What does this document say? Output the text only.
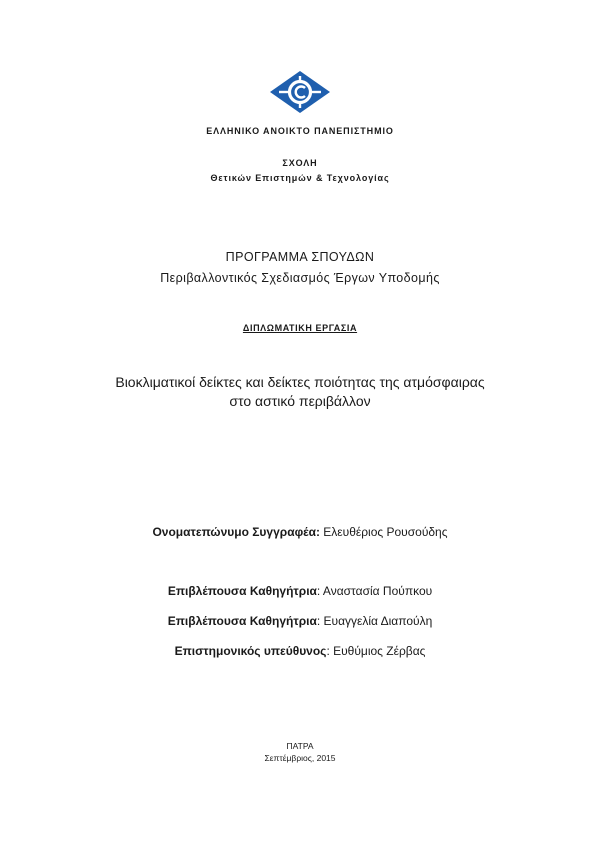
ΕΛΛΗΝΙΚΟ ΑΝΟΙΚΤΟ ΠΑΝΕΠΙΣΤΗΜΙΟ
ΣΧΟΛΗ
Θετικών Επιστημών & Τεχνολογίας
ΠΡΟΓΡΑΜΜΑ ΣΠΟΥΔΩΝ
Περιβαλλοντικός Σχεδιασμός Έργων Υποδομής
ΔΙΠΛΩΜΑΤΙΚΗ ΕΡΓΑΣΙΑ
Βιοκλιματικοί δείκτες και δείκτες ποιότητας της ατμόσφαιρας
στο αστικό περιβάλλον
Ονοματεπώνυμο Συγγραφέα: Ελευθέριος Ρουσούδης
Επιβλέπουσα Καθηγήτρια: Αναστασία Πούπκου
Επιβλέπουσα Καθηγήτρια: Ευαγγελία Διαπούλη
Επιστημονικός υπεύθυνος: Ευθύμιος Ζέρβας
ΠΑΤΡΑ
Σεπτέμβριος, 2015
